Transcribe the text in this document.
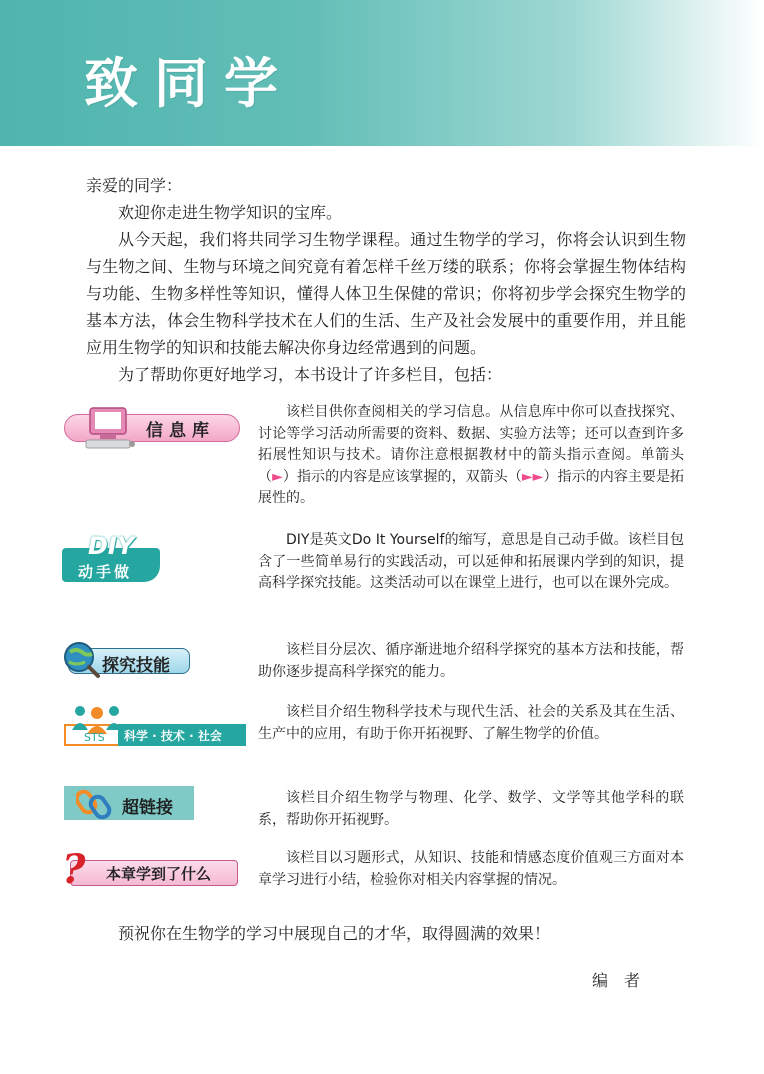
致同学

亲爱的同学：

欢迎你走进生物学知识的宝库。

从今天起，我们将共同学习生物学课程。通过生物学的学习，你将会认识到生物与生物之间、生物与环境之间究竟有着怎样千丝万缕的联系；你将会掌握生物体结构与功能、生物多样性等知识，懂得人体卫生保健的常识；你将初步学会探究生物学的基本方法，体会生物科学技术在人们的生活、生产及社会发展中的重要作用，并且能应用生物学的知识和技能去解决你身边经常遇到的问题。

为了帮助你更好地学习，本书设计了许多栏目，包括：

信息库

该栏目供你查阅相关的学习信息。从信息库中你可以查找探究、讨论等学习活动所需要的资料、数据、实验方法等；还可以查到许多拓展性知识与技术。请你注意根据教材中的箭头指示查阅。单箭头（►）指示的内容是应该掌握的，双箭头（►►）指示的内容主要是拓展性的。

DIY
动手做
DIY是英文Do It Yourself的缩写，意思是自己动手做。该栏目包含了一些简单易行的实践活动，可以延伸和拓展课内学到的知识，提高科学探究技能。这类活动可以在课堂上进行，也可以在课外完成。
探究技能
该栏目分层次、循序渐进地介绍科学探究的基本方法和技能，帮助你逐步提高科学探究的能力。
STS 科学 · 技术 · 社会
该栏目介绍生物科学技术与现代生活、社会的关系及其在生活、生产中的应用，有助于你开拓视野、了解生物学的价值。
超链接	该栏目介绍生物学与物理、化学、数学、文学等其他学科的联系，帮助你开拓视野。
? 本章学到了什么
该栏目以习题形式，从知识、技能和情感态度价值观三方面对本章学习进行小结，检验你对相关内容掌握的情况。
预祝你在生物学的学习中展现自己的才华，取得圆满的效果！
编者
